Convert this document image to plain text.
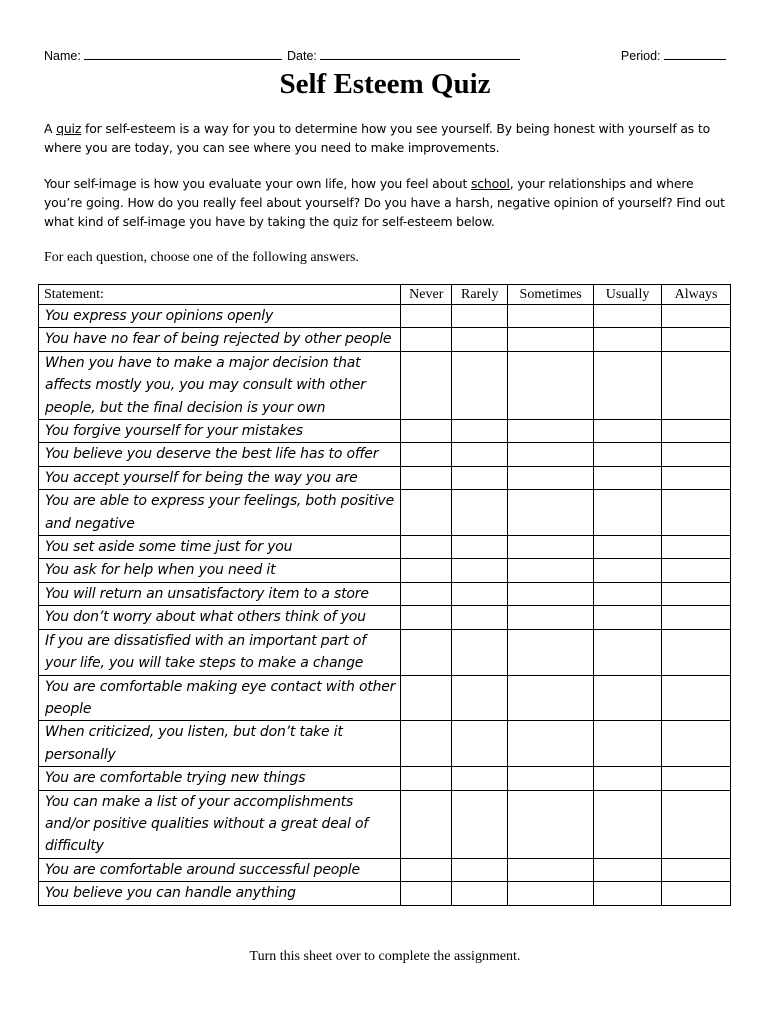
Name:	Date:	Period:
Self Esteem Quiz
A quiz for self-esteem is a way for you to determine how you see yourself. By being honest with yourself as to where you are today, you can see where you need to make improvements.
Your self-image is how you evaluate your own life, how you feel about school, your relationships and where you’re going. How do you really feel about yourself? Do you have a harsh, negative opinion of yourself? Find out what kind of self-image you have by taking the quiz for self-esteem below.
For each question, choose one of the following answers.
Statement:	Never	Rarely	Sometimes	Usually	Always
You express your opinions openly					
You have no fear of being rejected by other people					
When you have to make a major decision that affects mostly you, you may consult with other people, but the final decision is your own					
You forgive yourself for your mistakes					
You believe you deserve the best life has to offer					
You accept yourself for being the way you are					
You are able to express your feelings, both positive and negative					
You set aside some time just for you					
You ask for help when you need it					
You will return an unsatisfactory item to a store					
You don’t worry about what others think of you					
If you are dissatisfied with an important part of your life, you will take steps to make a change					
You are comfortable making eye contact with other people					
When criticized, you listen, but don’t take it personally					
You are comfortable trying new things					
You can make a list of your accomplishments and/or positive qualities without a great deal of difficulty					
You are comfortable around successful people					
You believe you can handle anything					
Turn this sheet over to complete the assignment.
